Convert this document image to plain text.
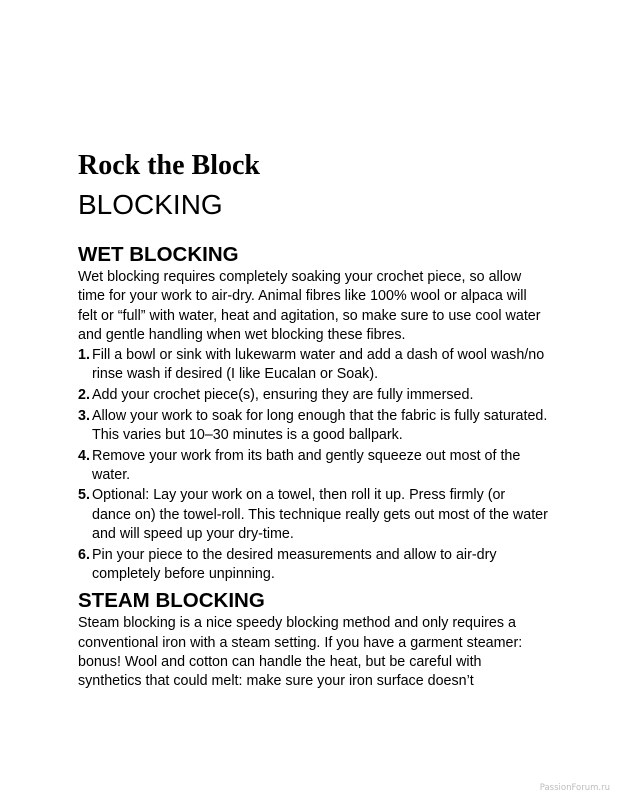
Rock the Block
BLOCKING
WET BLOCKING

Wet blocking requires completely soaking your crochet piece, so allow time for your work to air-dry. Animal fibres like 100% wool or alpaca will felt or “full” with water, heat and agitation, so make sure to use cool water and gentle handling when wet blocking these fibres.

1. Fill a bowl or sink with lukewarm water and add a dash of wool wash/no rinse wash if desired (I like Eucalan or Soak).
2. Add your crochet piece(s), ensuring they are fully immersed.
3. Allow your work to soak for long enough that the fabric is fully saturated. This varies but 10–30 minutes is a good ballpark.
4. Remove your work from its bath and gently squeeze out most of the water.
5. Optional: Lay your work on a towel, then roll it up. Press firmly (or dance on) the towel-roll. This technique really gets out most of the water and will speed up your dry-time.
6. Pin your piece to the desired measurements and allow to air-dry completely before unpinning.
STEAM BLOCKING

Steam blocking is a nice speedy blocking method and only requires a conventional iron with a steam setting. If you have a garment steamer: bonus! Wool and cotton can handle the heat, but be careful with synthetics that could melt: make sure your iron surface doesn’t

PassionForum.ru
